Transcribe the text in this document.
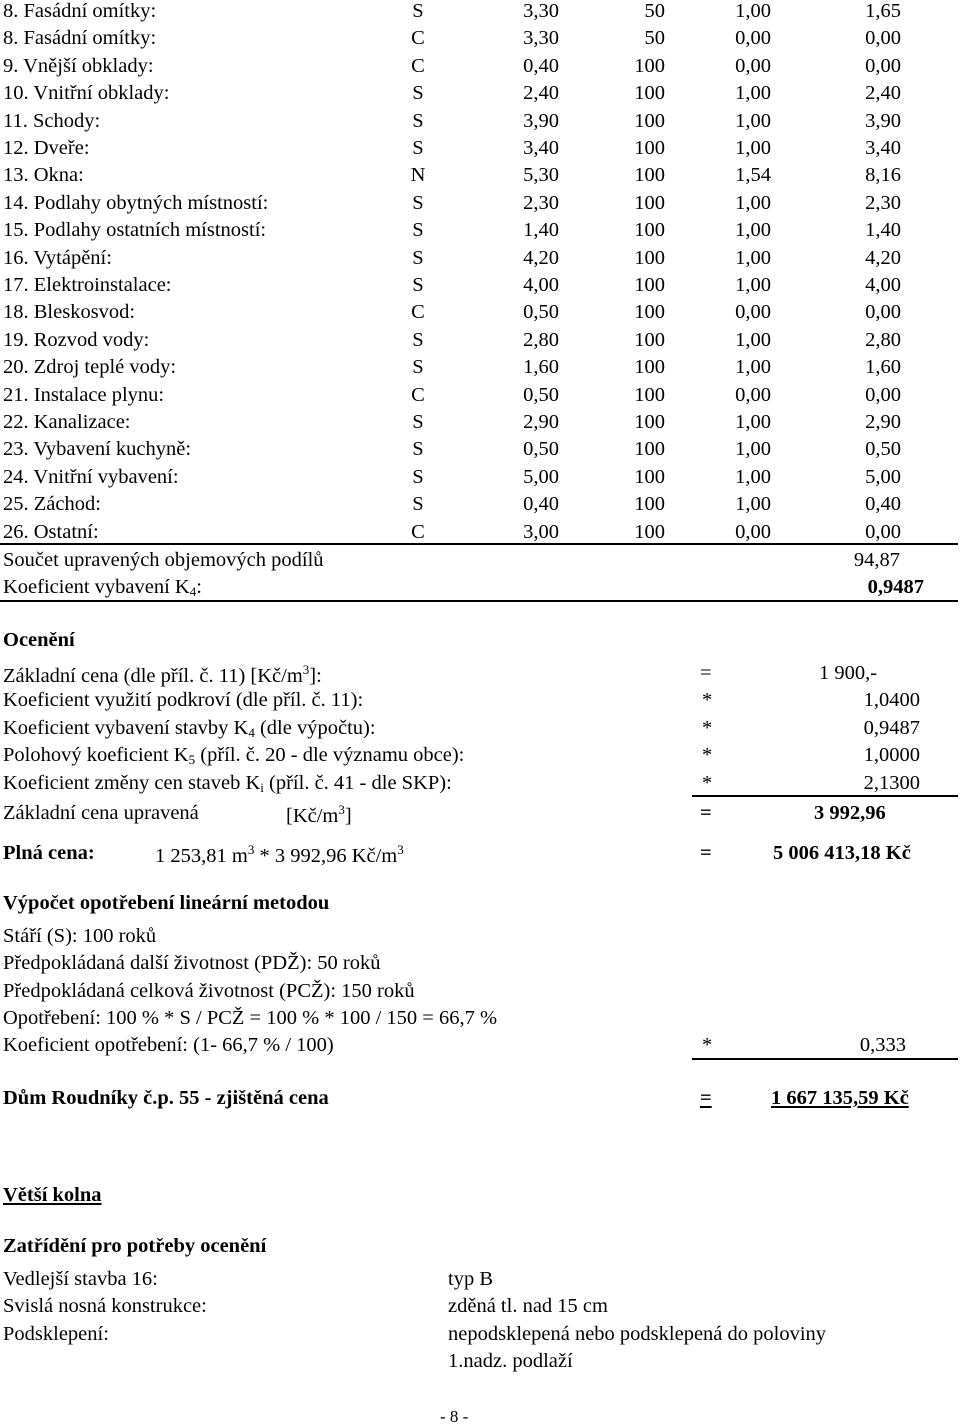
8. Fasádní omítky:	S	3,30	50	1,00	1,65
8. Fasádní omítky:	C	3,30	50	0,00	0,00
9. Vnější obklady:	C	0,40	100	0,00	0,00
10. Vnitřní obklady:	S	2,40	100	1,00	2,40
11. Schody:	S	3,90	100	1,00	3,90
12. Dveře:	S	3,40	100	1,00	3,40
13. Okna:	N	5,30	100	1,54	8,16
14. Podlahy obytných místností:	S	2,30	100	1,00	2,30
15. Podlahy ostatních místností:	S	1,40	100	1,00	1,40
16. Vytápění:	S	4,20	100	1,00	4,20
17. Elektroinstalace:	S	4,00	100	1,00	4,00
18. Bleskosvod:	C	0,50	100	0,00	0,00
19. Rozvod vody:	S	2,80	100	1,00	2,80
20. Zdroj teplé vody:	S	1,60	100	1,00	1,60
21. Instalace plynu:	C	0,50	100	0,00	0,00
22. Kanalizace:	S	2,90	100	1,00	2,90
23. Vybavení kuchyně:	S	0,50	100	1,00	0,50
24. Vnitřní vybavení:	S	5,00	100	1,00	5,00
25. Záchod:	S	0,40	100	1,00	0,40
26. Ostatní:	C	3,00	100	0,00	0,00
Součet upravených objemových podílů	94,87
Koeficient vybavení $K_4$:	0,9487
Ocenění
Základní cena (dle příl. č. 11) $[Kč/m^3]$:	=	1 900,-
Koeficient využití podkroví (dle příl. č. 11):	*	1,0400
Koeficient vybavení stavby $K_4$ (dle výpočtu):	*	0,9487
Polohový koeficient $K_5$ (příl. č. 20 - dle významu obce):	*	1,0000
Koeficient změny cen staveb $K_i$ (příl. č. 41 - dle SKP):	*	2,1300
Základní cena upravená	$[Kč/m^3]$	=	3 992,96
Plná cena:	1 253,81 $m^3 * 3$ 992,96 $Kč/m^3$	=	5 006 413,18 Kč
Výpočet opotřebení lineární metodou
Stáří (S): 100 roků
Předpokládaná další životnost (PDŽ): 50 roků
Předpokládaná celková životnost (PCŽ): 150 roků
Opotřebení: 100 % * S / PCŽ = 100 % * 100 / 150 = 66,7 %
Koeficient opotřebení: (1- 66,7 % / 100)	*	0,333
Dům Roudníky č.p. 55 - zjištěná cena	=	1 667 135,59 Kč
Větší kolna
Zatřídění pro potřeby ocenění
Vedlejší stavba 16:	typ B
Svislá nosná konstrukce:	zděná tl. nad 15 cm
Podsklepení:	nepodsklepená nebo podsklepená do poloviny
1.nadz. podlaží
- 8 -
